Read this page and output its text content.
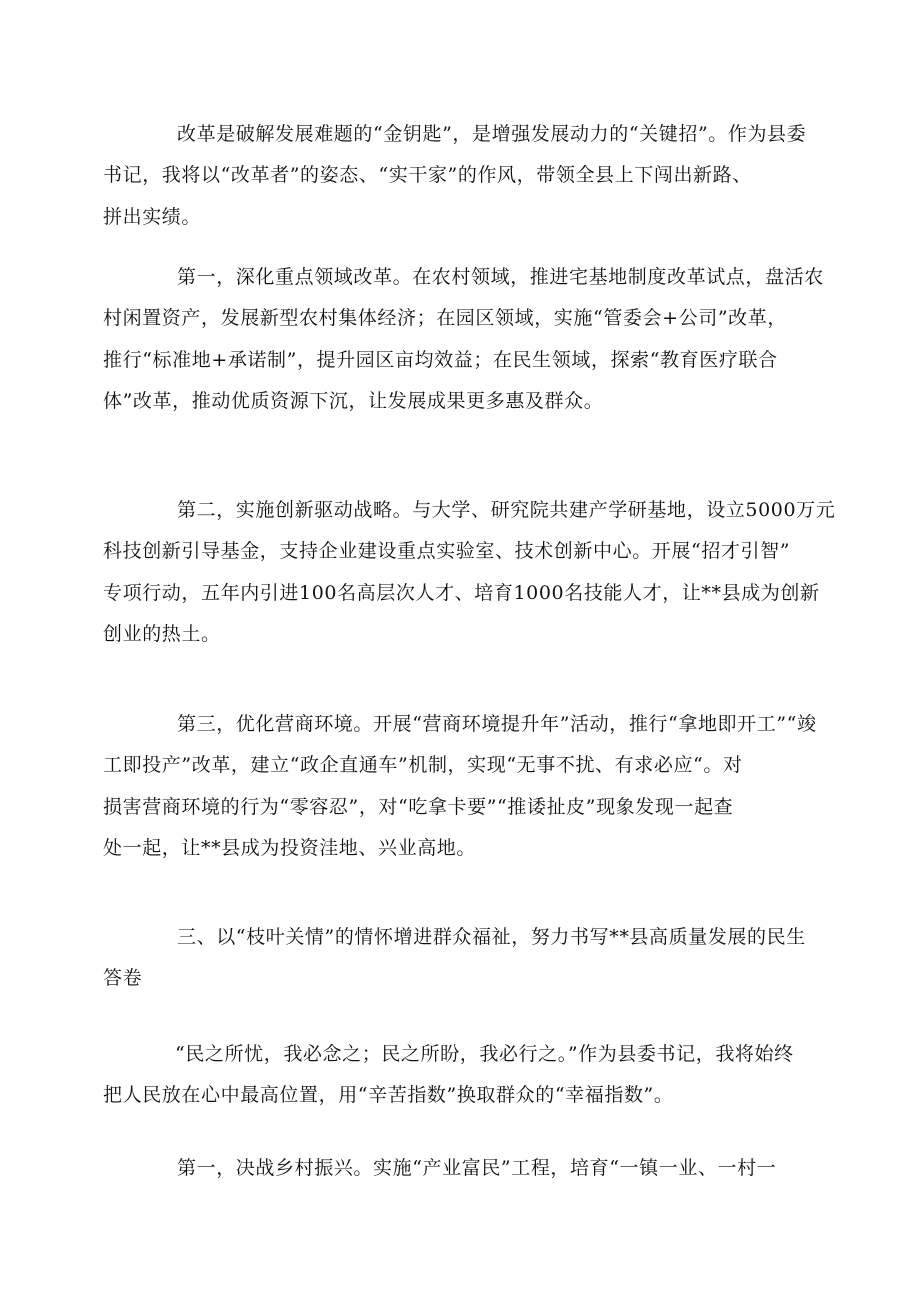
改革是破解发展难题的“金钥匙”，是增强发展动力的“关键招”。作为县委
书记，我将以“改革者”的姿态、“实干家”的作风，带领全县上下闯出新路、
拼出实绩。
第一，深化重点领域改革。在农村领域，推进宅基地制度改革试点，盘活农
村闲置资产，发展新型农村集体经济；在园区领域，实施“管委会+公司”改革，
推行“标准地+承诺制”，提升园区亩均效益；在民生领域，探索“教育医疗联合
体”改革，推动优质资源下沉，让发展成果更多惠及群众。
第二，实施创新驱动战略。与大学、研究院共建产学研基地，设立5000万元
科技创新引导基金，支持企业建设重点实验室、技术创新中心。开展“招才引智”
专项行动，五年内引进100名高层次人才、培育1000名技能人才，让**县成为创新
创业的热土。
第三，优化营商环境。开展“营商环境提升年”活动，推行“拿地即开工”“竣
工即投产”改革，建立“政企直通车”机制，实现“无事不扰、有求必应“。对
损害营商环境的行为“零容忍”，对“吃拿卡要”“推诿扯皮”现象发现一起查
处一起，让**县成为投资洼地、兴业高地。
三、以“枝叶关情”的情怀增进群众福祉，努力书写**县高质量发展的民生
答卷
“民之所忧，我必念之；民之所盼，我必行之。”作为县委书记，我将始终
把人民放在心中最高位置，用“辛苦指数”换取群众的“幸福指数”。
第一，决战乡村振兴。实施“产业富民”工程，培育“一镇一业、一村一
